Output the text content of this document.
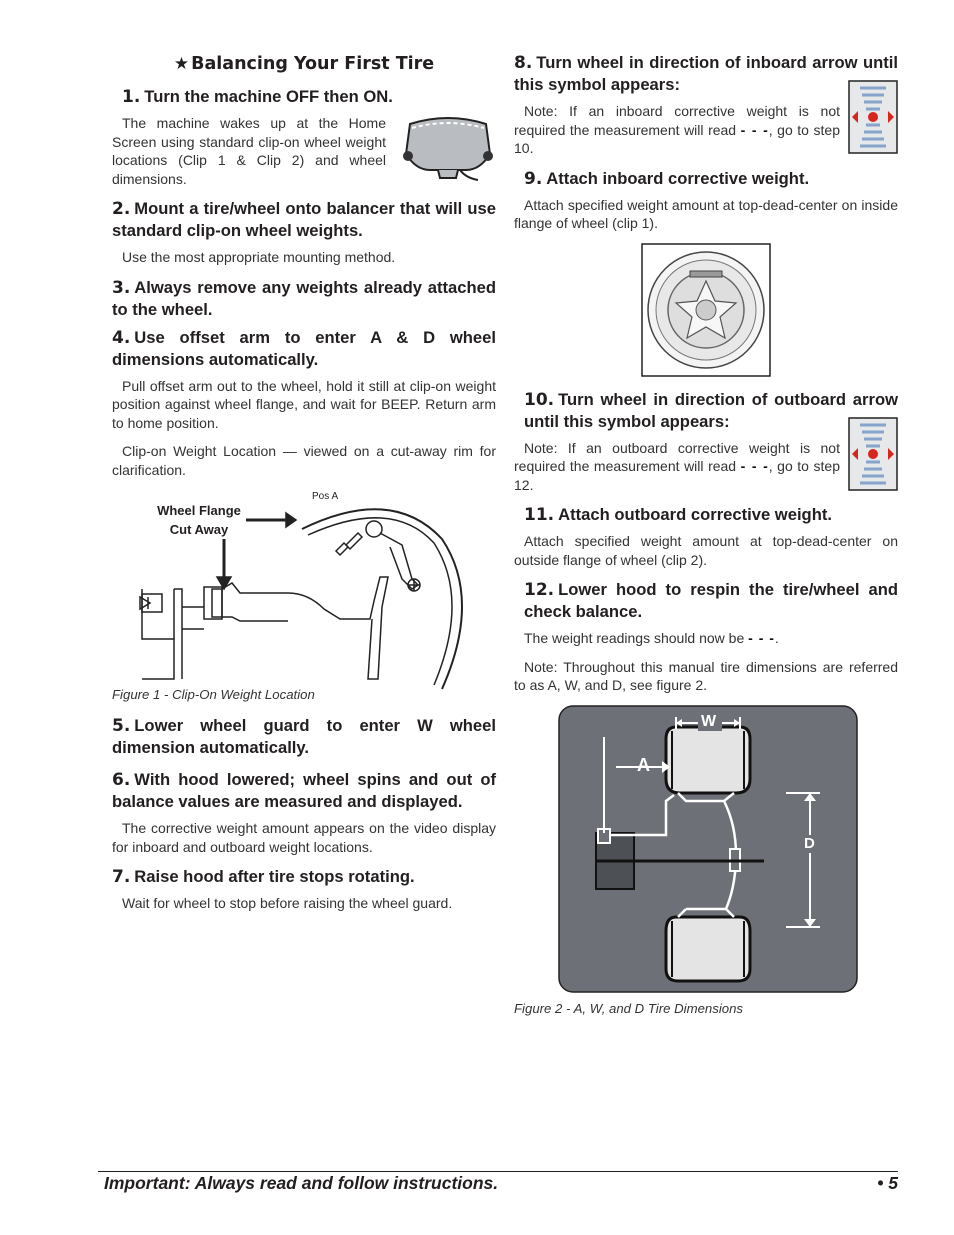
★ Balancing Your First Tire
1. Turn the machine OFF then ON.
The machine wakes up at the Home Screen using standard clip-on wheel weight locations (Clip 1 & Clip 2) and wheel dimensions.
2. Mount a tire/wheel onto balancer that will use standard clip-on wheel weights.
Use the most appropriate mounting method.
3. Always remove any weights already attached to the wheel.
4. Use offset arm to enter A & D wheel dimensions automatically.
Pull offset arm out to the wheel, hold it still at clip-on weight position against wheel flange, and wait for BEEP. Return arm to home position.
Clip-on Weight Location — viewed on a cut-away rim for clarification.
Wheel Flange
Cut Away
Pos A
Figure 1 - Clip-On Weight Location
5. Lower wheel guard to enter W wheel dimension automatically.
6. With hood lowered; wheel spins and out of balance values are measured and displayed.
The corrective weight amount appears on the video display for inboard and outboard weight locations.
7. Raise hood after tire stops rotating.
Wait for wheel to stop before raising the wheel guard.
8. Turn wheel in direction of inboard arrow until this symbol appears:
Note: If an inboard corrective weight is not required the measurement will read - - -, go to step 10.
9. Attach inboard corrective weight.
Attach specified weight amount at top-dead-center on inside flange of wheel (clip 1).
10. Turn wheel in direction of outboard arrow until this symbol appears:
Note: If an outboard corrective weight is not required the measurement will read - - -, go to step 12.
11. Attach outboard corrective weight.
Attach specified weight amount at top-dead-center on outside flange of wheel (clip 2).
12. Lower hood to respin the tire/wheel and check balance.
The weight readings should now be - - -.
Note: Throughout this manual tire dimensions are referred to as A, W, and D, see figure 2.
W
A
D
Figure 2 - A, W, and D Tire Dimensions
Important: Always read and follow instructions.	• 5
